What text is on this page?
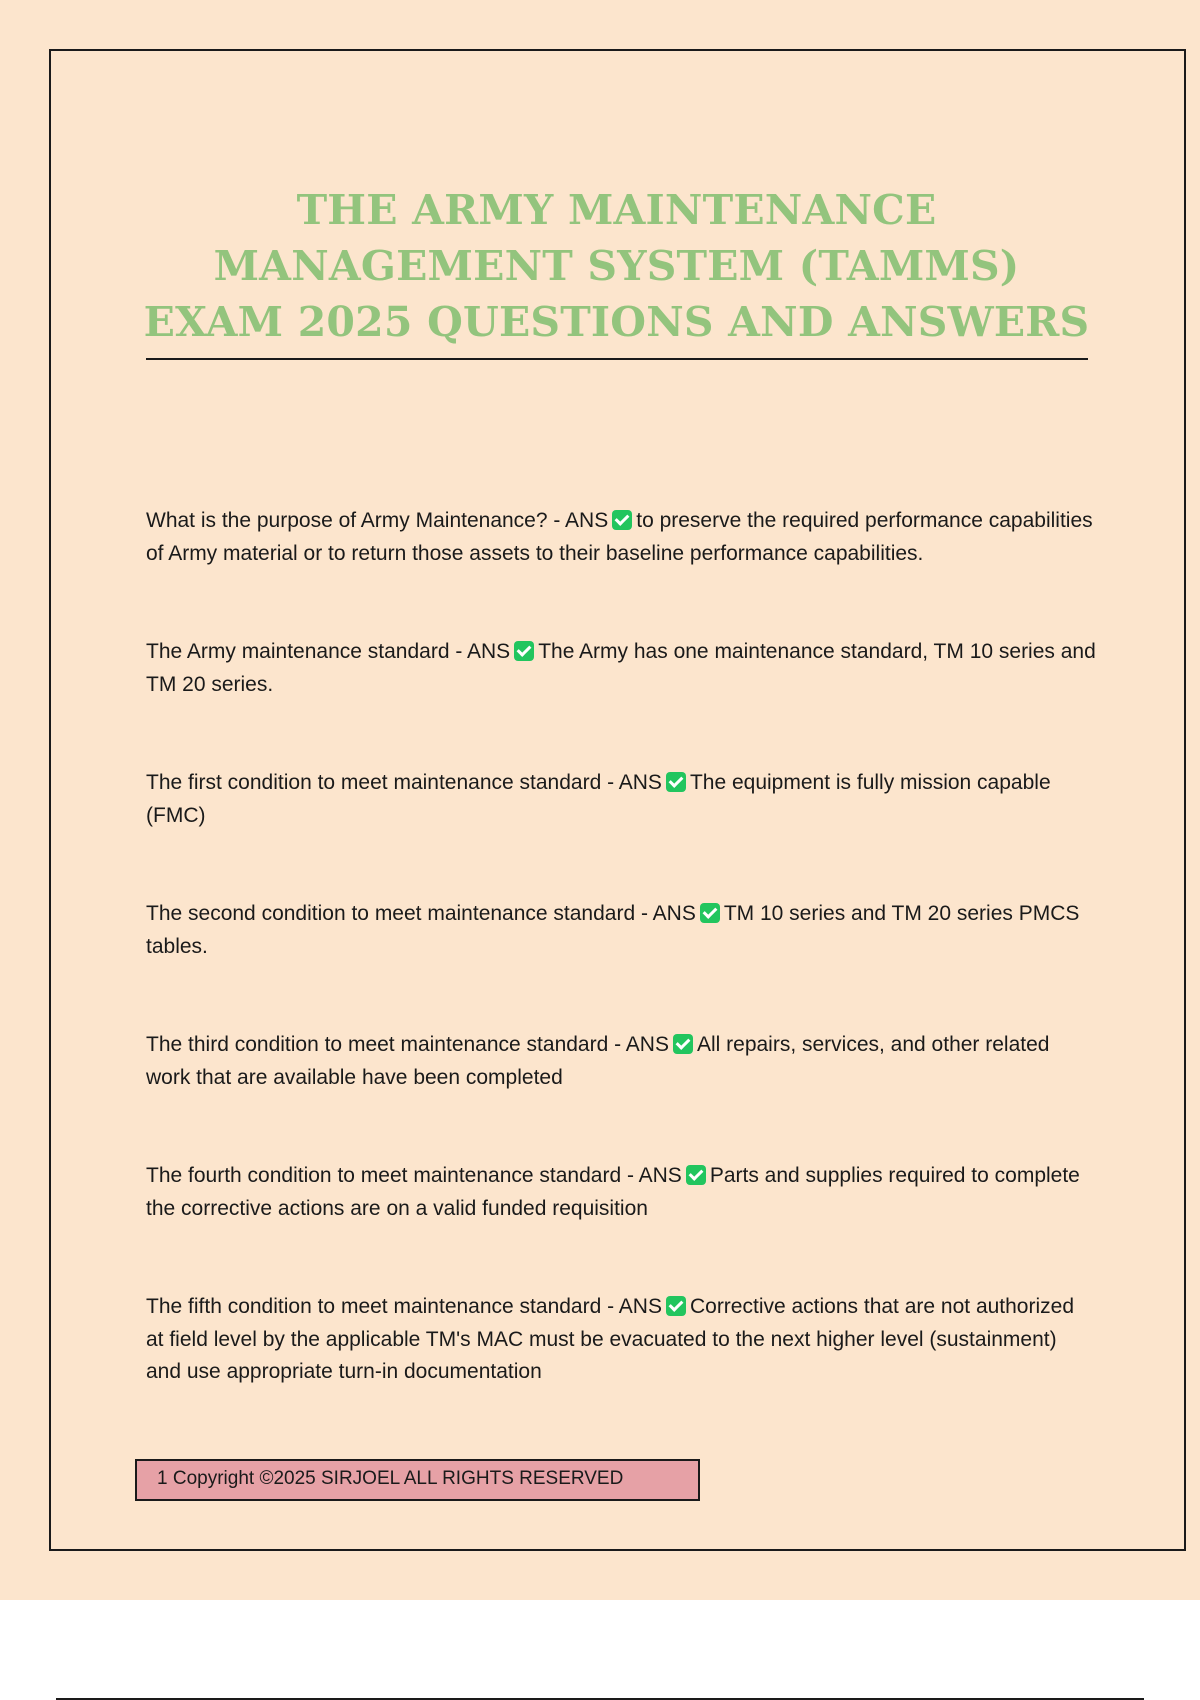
THE ARMY MAINTENANCE
MANAGEMENT SYSTEM (TAMMS)
EXAM 2025 QUESTIONS AND ANSWERS

What is the purpose of Army Maintenance? - ANS to preserve the required performance capabilities of Army material or to return those assets to their baseline performance capabilities.

The Army maintenance standard - ANS The Army has one maintenance standard, TM 10 series and TM 20 series.

The first condition to meet maintenance standard - ANS The equipment is fully mission capable (FMC)

The second condition to meet maintenance standard - ANS TM 10 series and TM 20 series PMCS tables.

The third condition to meet maintenance standard - ANS All repairs, services, and other related work that are available have been completed

The fourth condition to meet maintenance standard - ANS Parts and supplies required to complete the corrective actions are on a valid funded requisition

The fifth condition to meet maintenance standard - ANS Corrective actions that are not authorized at field level by the applicable TM's MAC must be evacuated to the next higher level (sustainment) and use appropriate turn-in documentation

1 Copyright ©2025 SIRJOEL ALL RIGHTS RESERVED
